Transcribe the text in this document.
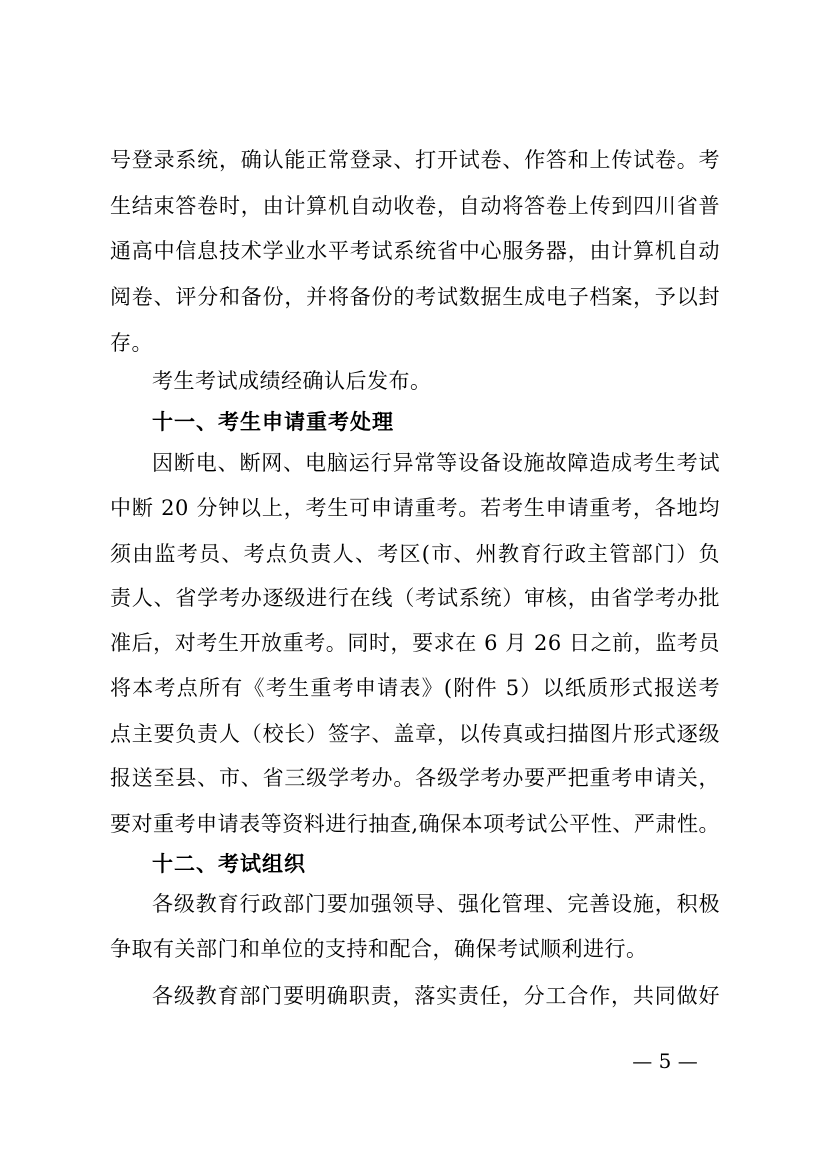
号登录系统，确认能正常登录、打开试卷、作答和上传试卷。考
生结束答卷时，由计算机自动收卷，自动将答卷上传到四川省普
通高中信息技术学业水平考试系统省中心服务器，由计算机自动
阅卷、评分和备份，并将备份的考试数据生成电子档案，予以封
存。
考生考试成绩经确认后发布。
十一、考生申请重考处理
因断电、断网、电脑运行异常等设备设施故障造成考生考试
中断 20 分钟以上，考生可申请重考。若考生申请重考，各地均
须由监考员、考点负责人、考区(市、州教育行政主管部门）负
责人、省学考办逐级进行在线（考试系统）审核，由省学考办批
准后，对考生开放重考。同时，要求在 6 月 26 日之前，监考员
将本考点所有《考生重考申请表》(附件 5）以纸质形式报送考
点主要负责人（校长）签字、盖章，以传真或扫描图片形式逐级
报送至县、市、省三级学考办。各级学考办要严把重考申请关，
要对重考申请表等资料进行抽查,确保本项考试公平性、严肃性。
十二、考试组织
各级教育行政部门要加强领导、强化管理、完善设施，积极
争取有关部门和单位的支持和配合，确保考试顺利进行。
各级教育部门要明确职责，落实责任，分工合作，共同做好
— 5 —
